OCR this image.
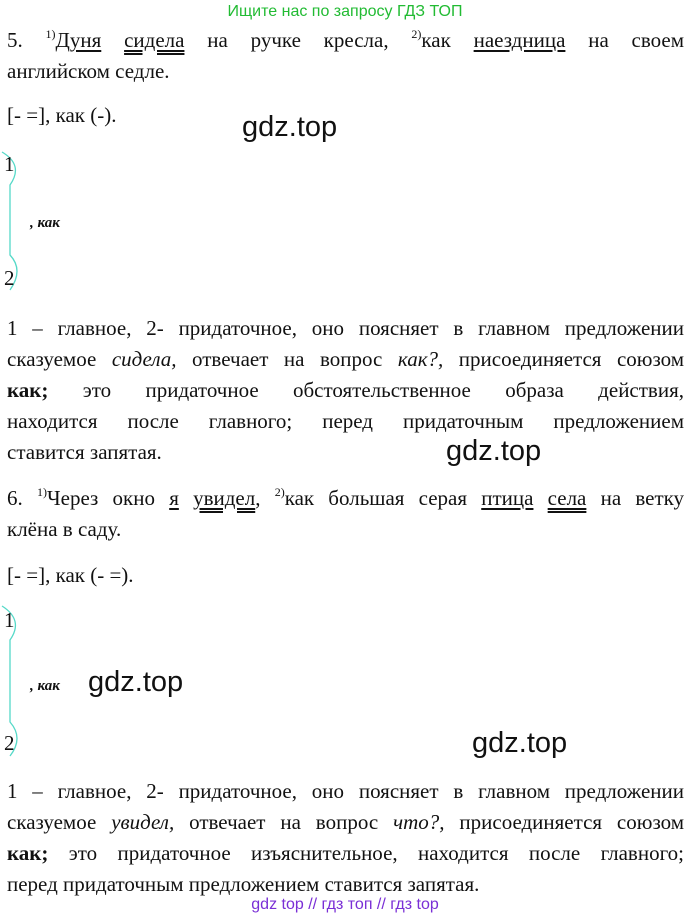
Ищите нас по запросу ГДЗ ТОП
5. $^{1)}$Дуня сидела на ручке кресла, $^{2)}$как наездница на своем
английском седле.
[- =], как (-).	gdz.top
1
, как
2
1 – главное, 2- придаточное, оно поясняет в главном предложении
сказуемое сидела, отвечает на вопрос как?, присоединяется союзом
как; это придаточное обстоятельственное образа действия,
находится после главного; перед придаточным предложением
ставится запятая.	gdz.top
6. $^{1)}$Через окно я увидел, $^{2)}$как большая серая птица села на ветку
клёна в саду.
[- =], как (- =).
1
, как gdz.top
2	gdz.top
1 – главное, 2- придаточное, оно поясняет в главном предложении
сказуемое увидел, отвечает на вопрос что?, присоединяется союзом
как; это придаточное изъяснительное, находится после главного;
перед придаточным предложением ставится запятая.
gdz top // гдз топ // гдз top
